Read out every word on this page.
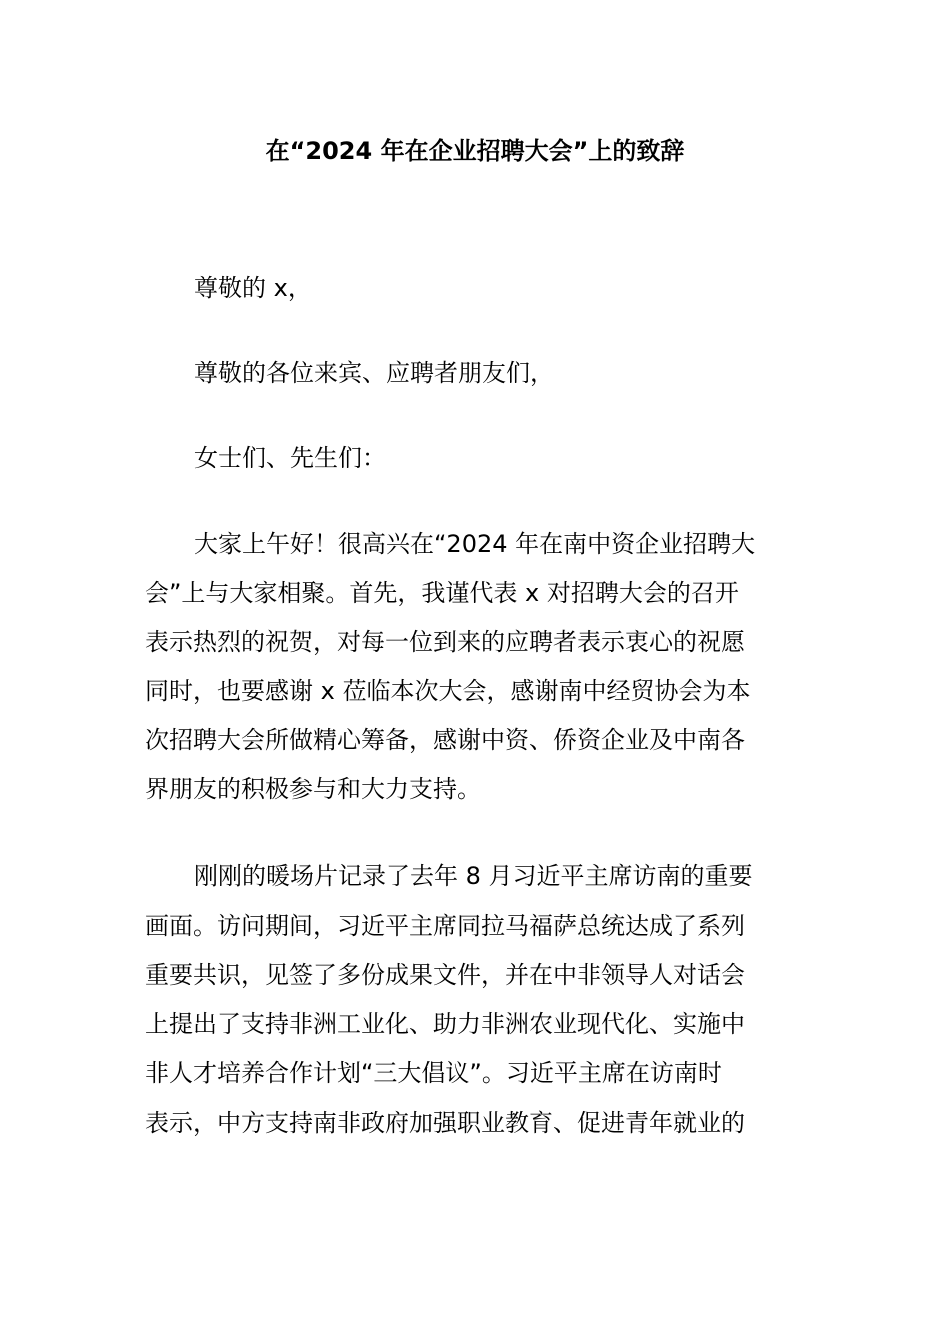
在“2024 年在企业招聘大会”上的致辞
尊敬的 x，
尊敬的各位来宾、应聘者朋友们，
女士们、先生们：
大家上午好！很高兴在“2024 年在南中资企业招聘大
会”上与大家相聚。首先，我谨代表 x 对招聘大会的召开
表示热烈的祝贺，对每一位到来的应聘者表示衷心的祝愿
同时，也要感谢 x 莅临本次大会，感谢南中经贸协会为本
次招聘大会所做精心筹备，感谢中资、侨资企业及中南各
界朋友的积极参与和大力支持。
刚刚的暖场片记录了去年 8 月习近平主席访南的重要
画面。访问期间，习近平主席同拉马福萨总统达成了系列
重要共识，见签了多份成果文件，并在中非领导人对话会
上提出了支持非洲工业化、助力非洲农业现代化、实施中
非人才培养合作计划“三大倡议”。习近平主席在访南时
表示，中方支持南非政府加强职业教育、促进青年就业的
